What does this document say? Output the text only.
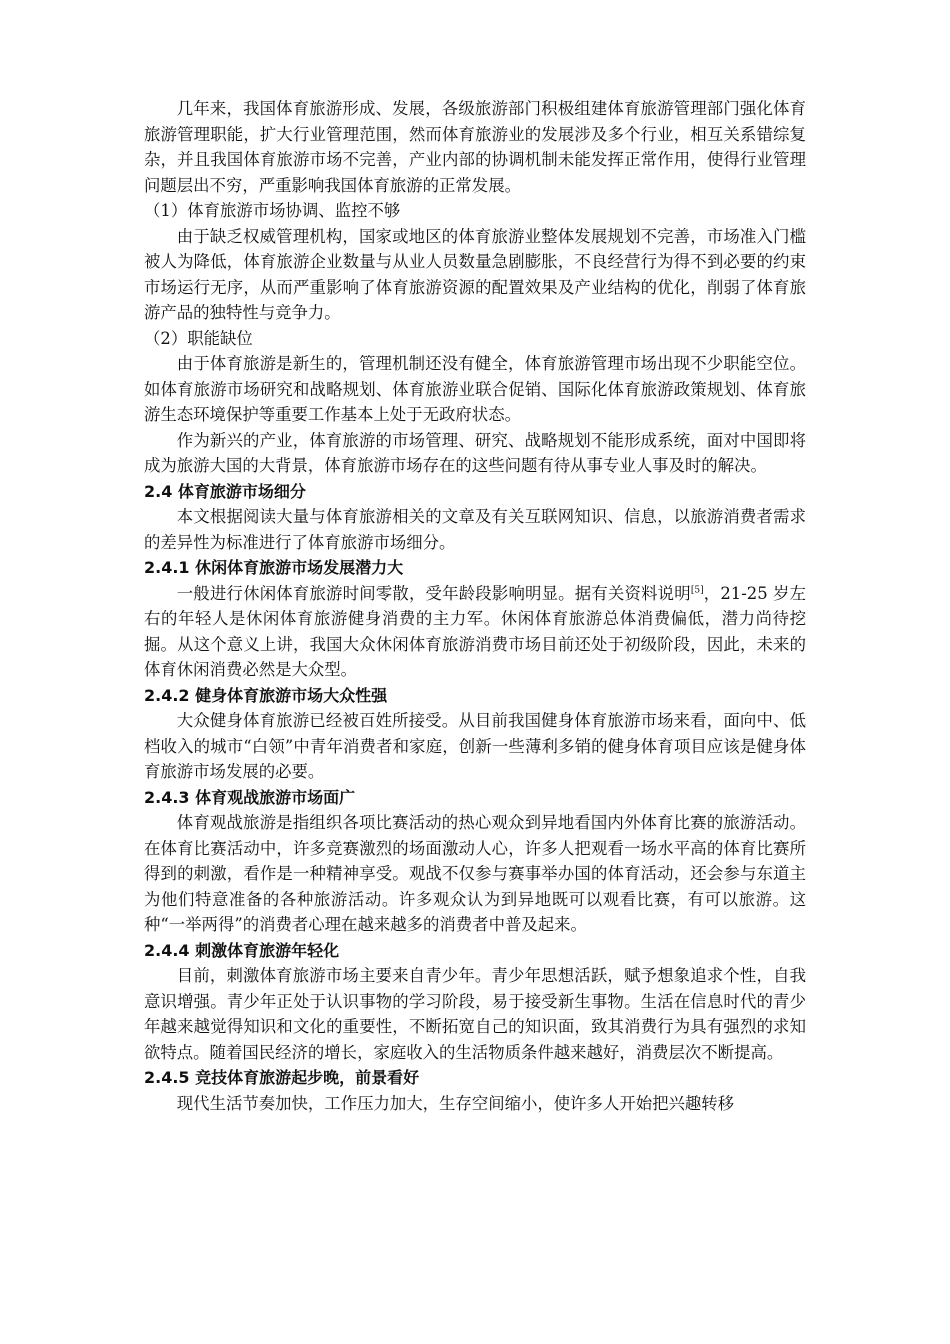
几年来，我国体育旅游形成、发展，各级旅游部门积极组建体育旅游管理部门强化体育旅游管理职能，扩大行业管理范围，然而体育旅游业的发展涉及多个行业，相互关系错综复杂，并且我国体育旅游市场不完善，产业内部的协调机制未能发挥正常作用，使得行业管理问题层出不穷，严重影响我国体育旅游的正常发展。

（1）体育旅游市场协调、监控不够

由于缺乏权威管理机构，国家或地区的体育旅游业整体发展规划不完善，市场准入门槛被人为降低，体育旅游企业数量与从业人员数量急剧膨胀，不良经营行为得不到必要的约束市场运行无序，从而严重影响了体育旅游资源的配置效果及产业结构的优化，削弱了体育旅游产品的独特性与竞争力。

（2）职能缺位

由于体育旅游是新生的，管理机制还没有健全，体育旅游管理市场出现不少职能空位。如体育旅游市场研究和战略规划、体育旅游业联合促销、国际化体育旅游政策规划、体育旅游生态环境保护等重要工作基本上处于无政府状态。

作为新兴的产业，体育旅游的市场管理、研究、战略规划不能形成系统，面对中国即将成为旅游大国的大背景，体育旅游市场存在的这些问题有待从事专业人事及时的解决。

2.4 体育旅游市场细分

本文根据阅读大量与体育旅游相关的文章及有关互联网知识、信息，以旅游消费者需求的差异性为标准进行了体育旅游市场细分。

2.4.1 休闲体育旅游市场发展潜力大

一般进行休闲体育旅游时间零散，受年龄段影响明显。据有关资料说明[5]，21-25 岁左右的年轻人是休闲体育旅游健身消费的主力军。休闲体育旅游总体消费偏低，潜力尚待挖掘。从这个意义上讲，我国大众休闲体育旅游消费市场目前还处于初级阶段，因此，未来的体育休闲消费必然是大众型。

2.4.2 健身体育旅游市场大众性强

大众健身体育旅游已经被百姓所接受。从目前我国健身体育旅游市场来看，面向中、低档收入的城市“白领”中青年消费者和家庭，创新一些薄利多销的健身体育项目应该是健身体育旅游市场发展的必要。

2.4.3 体育观战旅游市场面广

体育观战旅游是指组织各项比赛活动的热心观众到异地看国内外体育比赛的旅游活动。在体育比赛活动中，许多竞赛激烈的场面激动人心，许多人把观看一场水平高的体育比赛所得到的刺激，看作是一种精神享受。观战不仅参与赛事举办国的体育活动，还会参与东道主为他们特意准备的各种旅游活动。许多观众认为到异地既可以观看比赛，有可以旅游。这种“一举两得”的消费者心理在越来越多的消费者中普及起来。

2.4.4 刺激体育旅游年轻化

目前，刺激体育旅游市场主要来自青少年。青少年思想活跃，赋予想象追求个性，自我意识增强。青少年正处于认识事物的学习阶段，易于接受新生事物。生活在信息时代的青少年越来越觉得知识和文化的重要性，不断拓宽自己的知识面，致其消费行为具有强烈的求知欲特点。随着国民经济的增长，家庭收入的生活物质条件越来越好，消费层次不断提高。

2.4.5 竞技体育旅游起步晚，前景看好

现代生活节奏加快，工作压力加大，生存空间缩小，使许多人开始把兴趣转移
